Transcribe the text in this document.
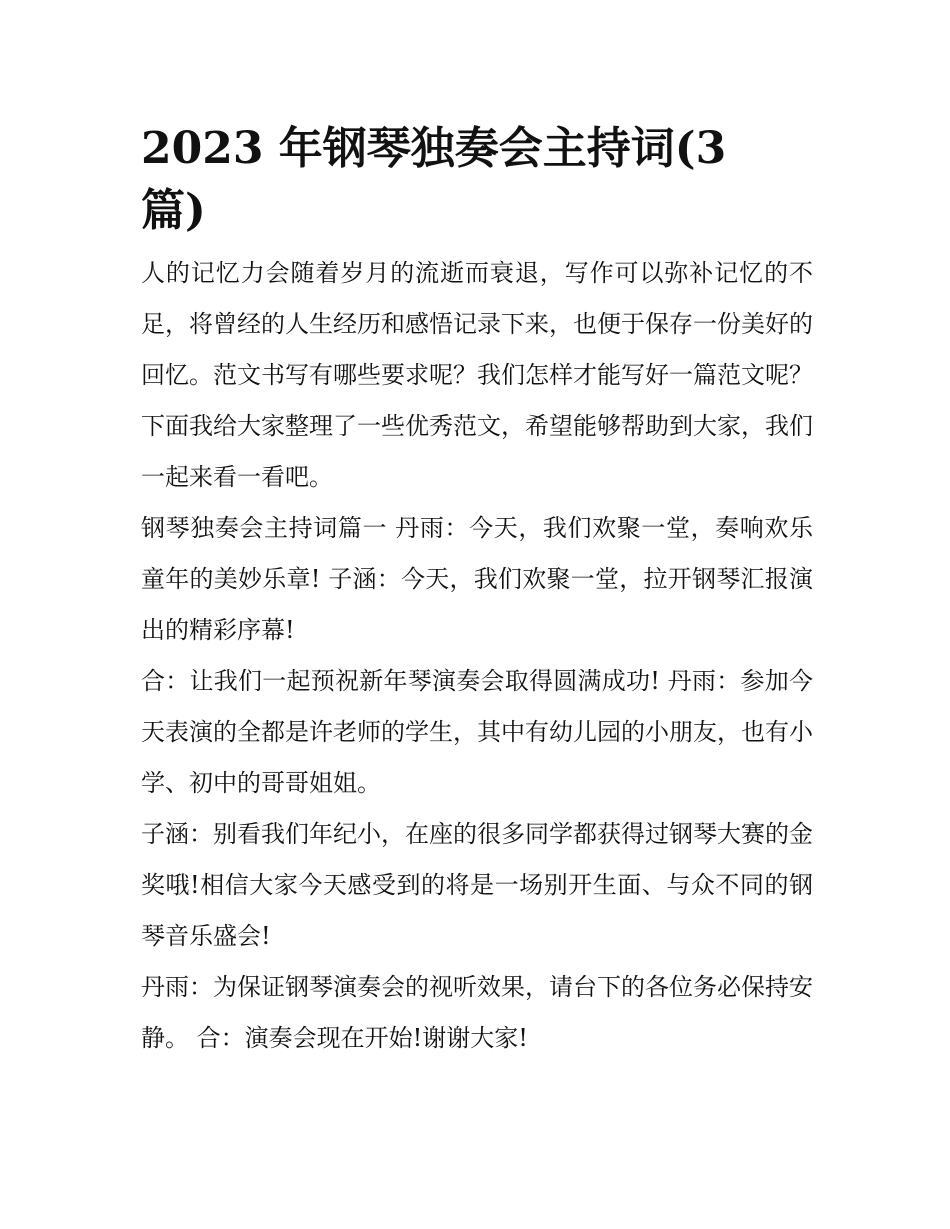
2023 年钢琴独奏会主持词(3 篇)

人的记忆力会随着岁月的流逝而衰退，写作可以弥补记忆的不足，将曾经的人生经历和感悟记录下来，也便于保存一份美好的回忆。范文书写有哪些要求呢？我们怎样才能写好一篇范文呢？下面我给大家整理了一些优秀范文，希望能够帮助到大家，我们一起来看一看吧。

钢琴独奏会主持词篇一 丹雨：今天，我们欢聚一堂，奏响欢乐童年的美妙乐章! 子涵：今天，我们欢聚一堂，拉开钢琴汇报演出的精彩序幕!

合：让我们一起预祝新年琴演奏会取得圆满成功! 丹雨：参加今天表演的全都是许老师的学生，其中有幼儿园的小朋友，也有小学、初中的哥哥姐姐。

子涵：别看我们年纪小，在座的很多同学都获得过钢琴大赛的金奖哦!相信大家今天感受到的将是一场别开生面、与众不同的钢琴音乐盛会!

丹雨：为保证钢琴演奏会的视听效果，请台下的各位务必保持安静。 合：演奏会现在开始!谢谢大家!
